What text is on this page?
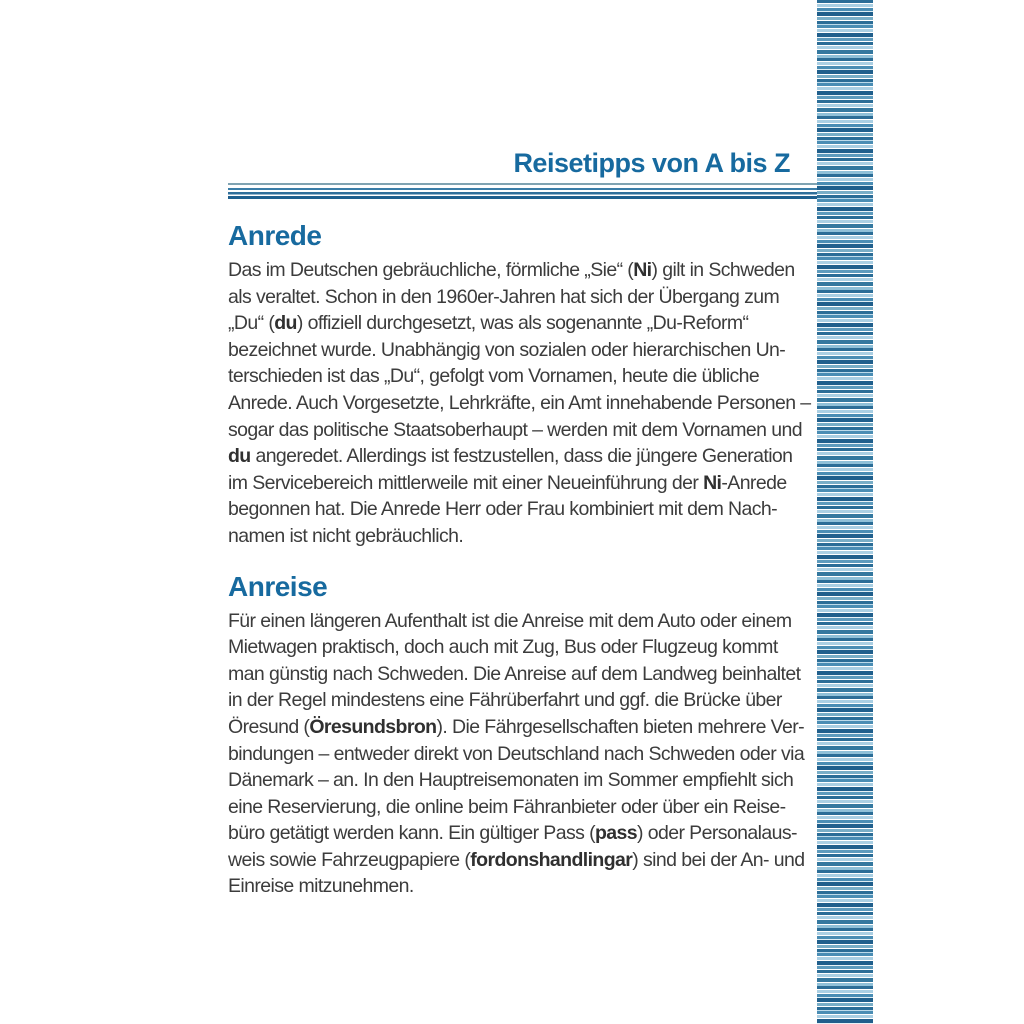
Reisetipps von A bis Z
Anrede

Das im Deutschen gebräuchliche, förmliche „Sie“ (Ni) gilt in Schweden
als veraltet. Schon in den 1960er-Jahren hat sich der Übergang zum
„Du“ (du) offiziell durchgesetzt, was als sogenannte „Du-Reform“
bezeichnet wurde. Unabhängig von sozialen oder hierarchischen Un-
terschieden ist das „Du“, gefolgt vom Vornamen, heute die übliche
Anrede. Auch Vorgesetzte, Lehrkräfte, ein Amt innehabende Personen –
sogar das politische Staatsoberhaupt – werden mit dem Vornamen und
du angeredet. Allerdings ist festzustellen, dass die jüngere Generation
im Servicebereich mittlerweile mit einer Neueinführung der Ni-Anrede
begonnen hat. Die Anrede Herr oder Frau kombiniert mit dem Nach-
namen ist nicht gebräuchlich.

Anreise

Für einen längeren Aufenthalt ist die Anreise mit dem Auto oder einem
Mietwagen praktisch, doch auch mit Zug, Bus oder Flugzeug kommt
man günstig nach Schweden. Die Anreise auf dem Landweg beinhaltet
in der Regel mindestens eine Fährüberfahrt und ggf. die Brücke über
Öresund (Öresundsbron). Die Fährgesellschaften bieten mehrere Ver-
bindungen – entweder direkt von Deutschland nach Schweden oder via
Dänemark – an. In den Hauptreisemonaten im Sommer empfiehlt sich
eine Reservierung, die online beim Fähranbieter oder über ein Reise-
büro getätigt werden kann. Ein gültiger Pass (pass) oder Personalaus-
weis sowie Fahrzeugpapiere (fordonshandlingar) sind bei der An- und
Einreise mitzunehmen.
